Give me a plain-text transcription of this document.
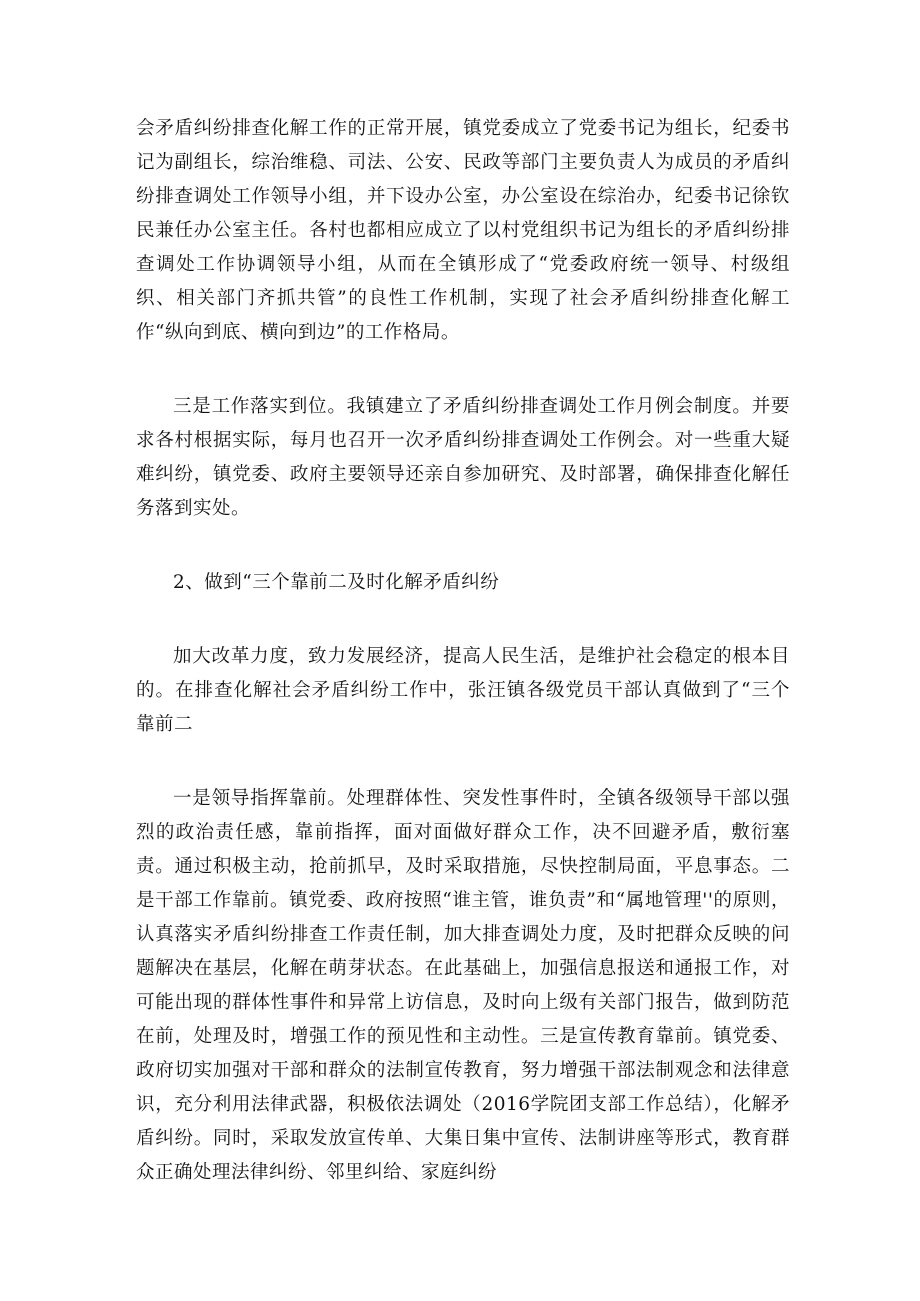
会矛盾纠纷排查化解工作的正常开展，镇党委成立了党委书记为组长，纪委书记为副组长，综治维稳、司法、公安、民政等部门主要负责人为成员的矛盾纠纷排查调处工作领导小组，并下设办公室，办公室设在综治办，纪委书记徐钦民兼任办公室主任。各村也都相应成立了以村党组织书记为组长的矛盾纠纷排查调处工作协调领导小组，从而在全镇形成了“党委政府统一领导、村级组织、相关部门齐抓共管”的良性工作机制，实现了社会矛盾纠纷排查化解工作“纵向到底、横向到边”的工作格局。

三是工作落实到位。我镇建立了矛盾纠纷排查调处工作月例会制度。并要求各村根据实际，每月也召开一次矛盾纠纷排查调处工作例会。对一些重大疑难纠纷，镇党委、政府主要领导还亲自参加研究、及时部署，确保排查化解任务落到实处。

2、做到“三个靠前二及时化解矛盾纠纷

加大改革力度，致力发展经济，提高人民生活，是维护社会稳定的根本目的。在排查化解社会矛盾纠纷工作中，张汪镇各级党员干部认真做到了“三个靠前二

一是领导指挥靠前。处理群体性、突发性事件时，全镇各级领导干部以强烈的政治责任感，靠前指挥，面对面做好群众工作，决不回避矛盾，敷衍塞责。通过积极主动，抢前抓早，及时采取措施，尽快控制局面，平息事态。二是干部工作靠前。镇党委、政府按照“谁主管，谁负责”和“属地管理''的原则，认真落实矛盾纠纷排查工作责任制，加大排查调处力度，及时把群众反映的问题解决在基层，化解在萌芽状态。在此基础上，加强信息报送和通报工作，对可能出现的群体性事件和异常上访信息，及时向上级有关部门报告，做到防范在前，处理及时，增强工作的预见性和主动性。三是宣传教育靠前。镇党委、政府切实加强对干部和群众的法制宣传教育，努力增强干部法制观念和法律意识，充分利用法律武器，积极依法调处（2016学院团支部工作总结），化解矛盾纠纷。同时，采取发放宣传单、大集日集中宣传、法制讲座等形式，教育群众正确处理法律纠纷、邻里纠给、家庭纠纷
